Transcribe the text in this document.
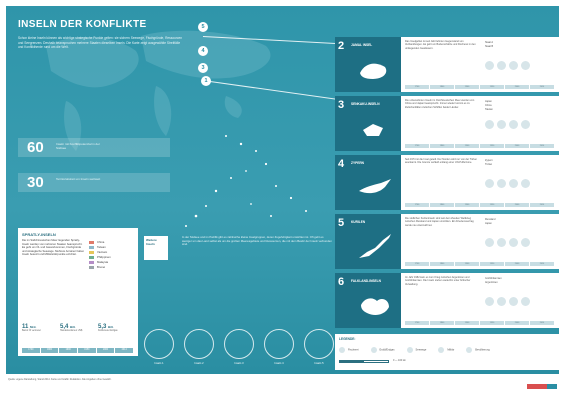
INSELN DER KONFLIKTE
Schon kleine Inseln können als wichtige strategische Punkte gelten: sie sichern Seewege, Fischgründe, Ressourcen und Seegrenzen. Deshalb beanspruchen mehrere Staaten dieselben Inseln. Die Karte zeigt ausgewählte Streitfälle und Konfliktherde rund um die Welt.
60	Inseln mit Konfliktpotenzial in der Südsee
30	Territorialstreit um Inseln weltweit
5
4
3
1
SPRATLY-INSELN
Die im Südchinesischen Meer liegenden Spratly-Inseln werden von mehreren Staaten beansprucht. Es geht um Öl- und Gasvorkommen, Fischgründe und strategische Seewege. Mehrere Anrainer haben Inseln besetzt und Militärstützpunkte errichtet.
China
Taiwan
Vietnam
Philippinen
Malaysia
Brunei
11 Mrd.
Barrel Öl vermutet
5,4 Bill.
Handelsvolumen US$
5,3 Bill.
Kubikmeter Erdgas
1700	1800	1900	1950	2000	2014
Weitere Inseln
In der Südsee und im Pazifik gibt es zahlreiche kleine Inselgruppen, deren Zugehörigkeit umstritten ist. Oft geht es weniger um das Land selbst als um die großen Meeresgebiete und Ressourcen, die mit dem Besitz der Inseln verbunden sind.
Inseln 1	Inseln 2	Inseln 3	Inseln 4	Inseln 5
2 JAMAL INSEL
Das Inselgebiet ist seit Jahrzehnten Gegenstand von Verhandlungen. Es geht um Bodenschätze und Fischerei in den umliegenden Gewässern.
Staat A
Staat B
1700	1800	1900	1950	2000	2014
3 SENKAKU-INSELN
Die unbewohnten Inseln im Ostchinesischen Meer werden von China und Japan beansprucht. Immer wieder kommt es zu Zwischenfällen zwischen Schiffen beider Länder.
Japan
China
Taiwan
1700	1800	1900	1950	2000	2014
4 ZYPERN
Seit 1974 ist die Insel geteilt. Der Norden wird nur von der Türkei anerkannt. Die Grenze verläuft entlang einer UN-Pufferzone.
Zypern
Türkei
1700	1800	1900	1950	2000	2014
5 KURILEN
Die südlichen Kurileninseln sind seit dem Zweiten Weltkrieg zwischen Russland und Japan umstritten. Ein Friedensvertrag wurde nie unterzeichnet.
Russland
Japan
1700	1800	1900	1950	2000	2014
6 FALKLAND-INSELN
Im Jahr 1982 kam es zum Krieg zwischen Argentinien und Großbritannien. Die Inseln stehen weiterhin unter britischer Verwaltung.
Großbritannien
Argentinien
1700	1800	1900	1950	2000	2014
LEGENDE:
Fischerei	Erdöl/Erdgas	Seewege	Militär	Bevölkerung
0 — 100 km
Quelle: eigene Darstellung, Stand 2014. Karte und Grafik: Redaktion. Alle Angaben ohne Gewähr.
